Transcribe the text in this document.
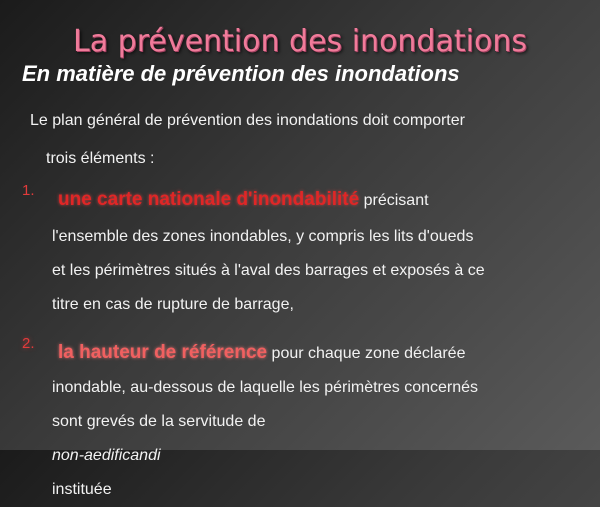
La prévention des inondations
En matière de prévention des inondations
Le plan général de prévention des inondations doit comporter
trois éléments :
1. une carte nationale d'inondabilité précisant
l'ensemble des zones inondables, y compris les lits d'oueds
et les périmètres situés à l'aval des barrages et exposés à ce
titre en cas de rupture de barrage,
2. la hauteur de référence pour chaque zone déclarée
inondable, au-dessous de laquelle les périmètres concernés
sont grevés de la servitude de
non-aedificandi
instituée
